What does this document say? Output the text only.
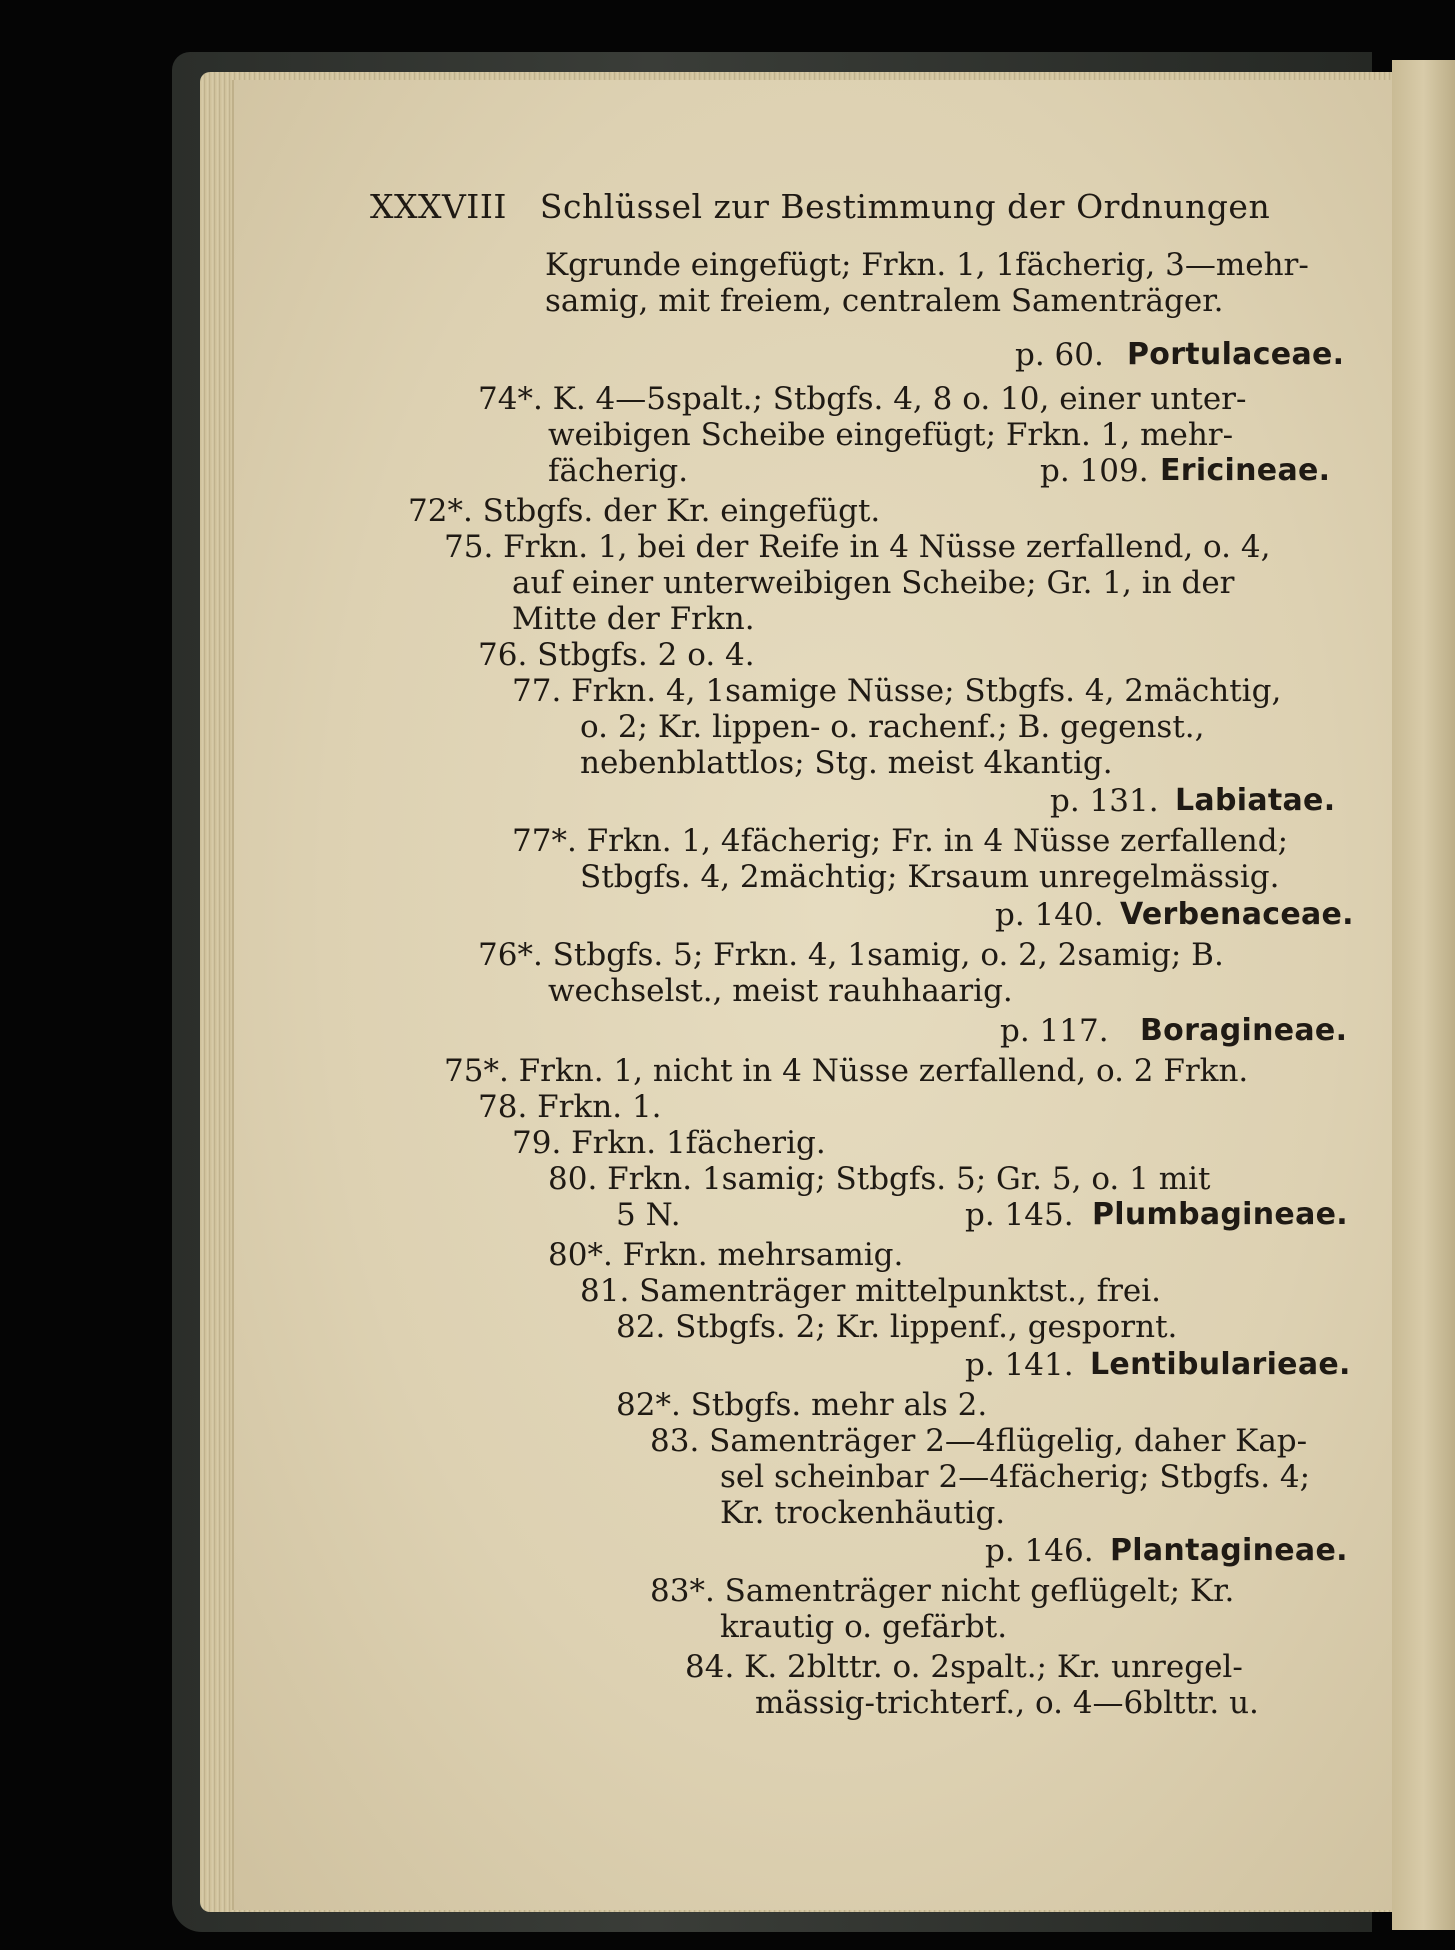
XXXVIII Schlüssel zur Bestimmung der Ordnungen
Kgrunde eingefügt; Frkn. 1, 1fächerig, 3—mehr-
samig, mit freiem, centralem Samenträger.
p. 60. Portulaceae.
74*. K. 4—5spalt.; Stbgfs. 4, 8 o. 10, einer unter-
weibigen Scheibe eingefügt; Frkn. 1, mehr-
fächerig.	p. 109. Ericineae.
72*. Stbgfs. der Kr. eingefügt.
75. Frkn. 1, bei der Reife in 4 Nüsse zerfallend, o. 4,
auf einer unterweibigen Scheibe; Gr. 1, in der
Mitte der Frkn.
76. Stbgfs. 2 o. 4.
77. Frkn. 4, 1samige Nüsse; Stbgfs. 4, 2mächtig,
o. 2; Kr. lippen- o. rachenf.; B. gegenst.,
nebenblattlos; Stg. meist 4kantig.
p. 131. Labiatae.
77*. Frkn. 1, 4fächerig; Fr. in 4 Nüsse zerfallend;
Stbgfs. 4, 2mächtig; Krsaum unregelmässig.
p. 140. Verbenaceae.
76*. Stbgfs. 5; Frkn. 4, 1samig, o. 2, 2samig; B.
wechselst., meist rauhhaarig.
p. 117. Boragineae.
75*. Frkn. 1, nicht in 4 Nüsse zerfallend, o. 2 Frkn.
78. Frkn. 1.
79. Frkn. 1fächerig.
80. Frkn. 1samig; Stbgfs. 5; Gr. 5, o. 1 mit
5 N.	p. 145. Plumbagineae.
80*. Frkn. mehrsamig.
81. Samenträger mittelpunktst., frei.
82. Stbgfs. 2; Kr. lippenf., gespornt.
p. 141. Lentibularieae.
82*. Stbgfs. mehr als 2.
83. Samenträger 2—4flügelig, daher Kap-
sel scheinbar 2—4fächerig; Stbgfs. 4;
Kr. trockenhäutig.
p. 146. Plantagineae.
83*. Samenträger nicht geflügelt; Kr.
krautig o. gefärbt.
84. K. 2blttr. o. 2spalt.; Kr. unregel-
mässig-trichterf., o. 4—6blttr. u.
